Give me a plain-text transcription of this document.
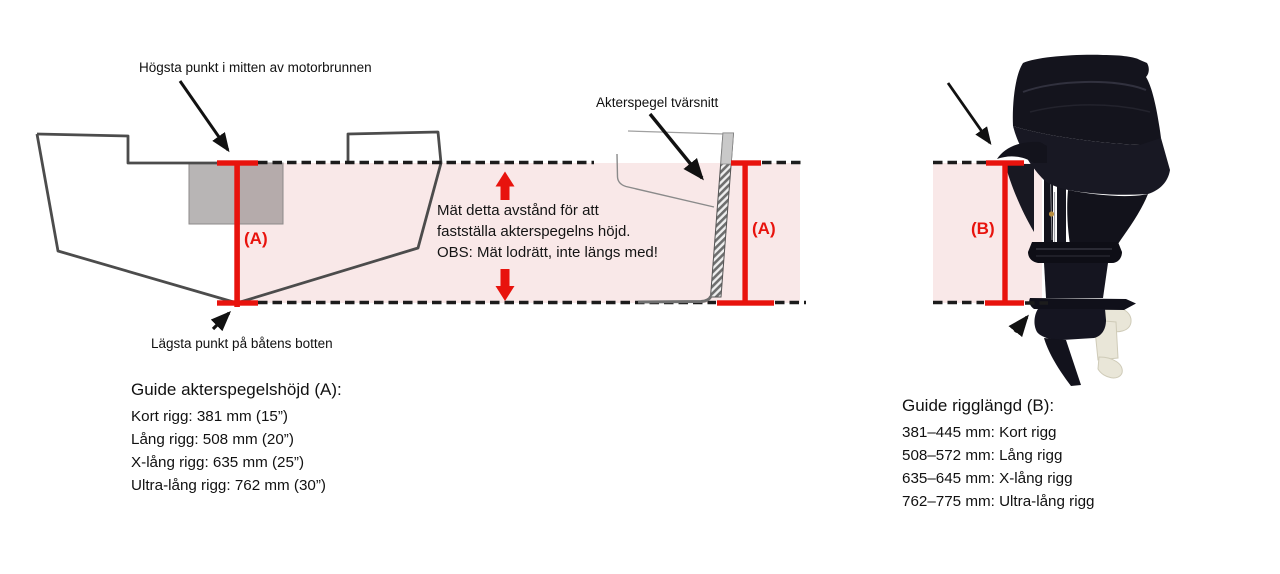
Högsta punkt i mitten av motorbrunnen
Akterspegel tvärsnitt
Mät detta avstånd för att
fastställa akterspegelns höjd.
OBS: Mät lodrätt, inte längs med!
(A)
(A)	(B)
Lägsta punkt på båtens botten
Guide akterspegelshöjd (A):
Kort rigg: 381 mm (15”)
Lång rigg: 508 mm (20”)
X-lång rigg: 635 mm (25”)
Ultra-lång rigg: 762 mm (30”)
Guide rigglängd (B):
381–445 mm: Kort rigg
508–572 mm: Lång rigg
635–645 mm: X-lång rigg
762–775 mm: Ultra-lång rigg
